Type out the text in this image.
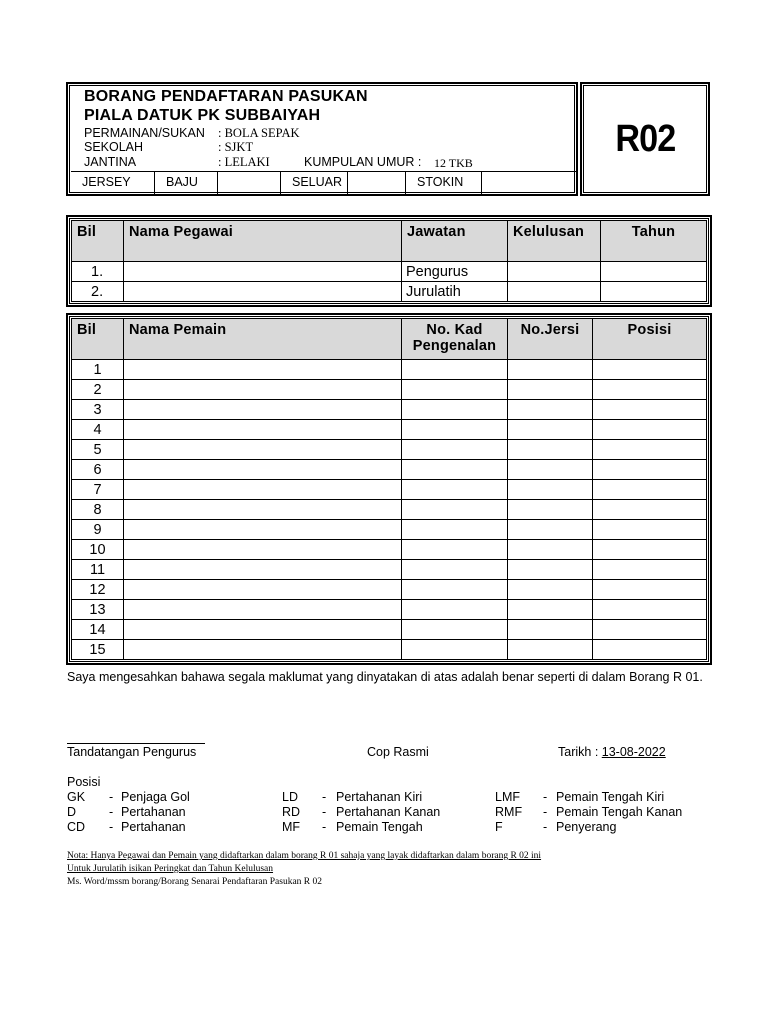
BORANG PENDAFTARAN PASUKAN
PIALA DATUK PK SUBBAIYAH
PERMAINAN/SUKAN : BOLA SEPAK
SEKOLAH	: SJKT
JANTINA	: LELAKI	KUMPULAN UMUR : 12 TKB
JERSEY	BAJU	SELUAR	STOKIN
R02
Bil	Nama Pegawai	Jawatan	Kelulusan	Tahun
1.		Pengurus		
2.		Jurulatih		
Bil	Nama Pemain	No. Kad Pengenalan	No.Jersi	Posisi
1				
2				
3				
4				
5				
6				
7				
8				
9				
10				
11				
12				
13				
14				
15				
Saya mengesahkan bahawa segala maklumat yang dinyatakan di atas adalah benar seperti di dalam Borang R 01.
Tandatangan Pengurus	Cop Rasmi	Tarikh : 13-08-2022
Posisi
GK - Penjaga Gol
D	- Pertahanan
CD - Pertahanan
LD - Pertahanan Kiri
RD - Pertahanan Kanan
MF - Pemain Tengah
LMF - Pemain Tengah Kiri
RMF - Pemain Tengah Kanan
F	- Penyerang
Nota: Hanya Pegawai dan Pemain yang didaftarkan dalam borang R 01 sahaja yang layak didaftarkan dalam borang R 02 ini
Untuk Jurulatih isikan Peringkat dan Tahun Kelulusan
Ms. Word/mssm borang/Borang Senarai Pendaftaran Pasukan R 02
